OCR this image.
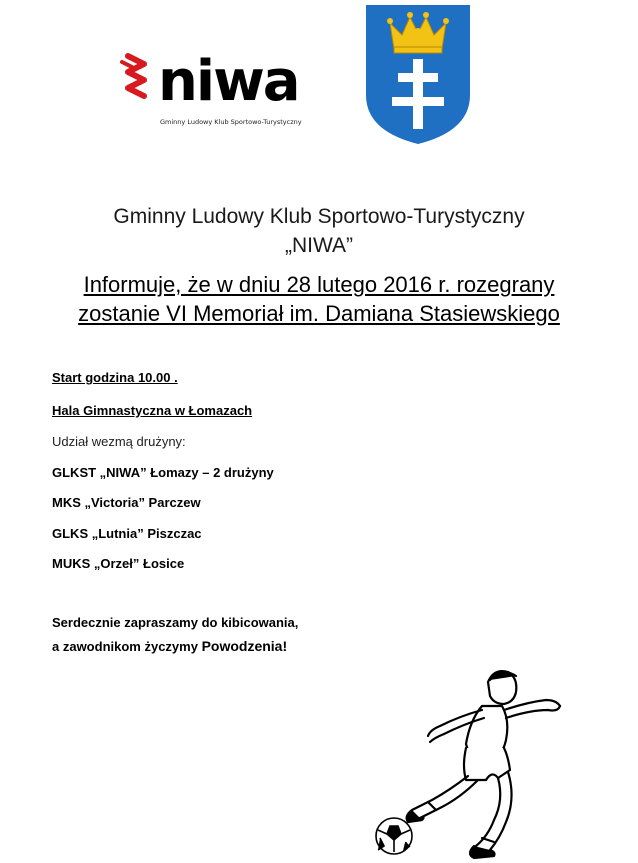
niwa
Gminny Ludowy Klub Sportowo-Turystyczny
Gminny Ludowy Klub Sportowo-Turystyczny
„NIWA”
Informuje, że w dniu 28 lutego 2016 r. rozegrany
zostanie VI Memoriał im. Damiana Stasiewskiego
Start godzina 10.00 .
Hala Gimnastyczna w Łomazach
Udział wezmą drużyny:
GLKST „NIWA” Łomazy – 2 drużyny
MKS „Victoria” Parczew
GLKS „Lutnia” Piszczac
MUKS „Orzeł” Łosice
Serdecznie zapraszamy do kibicowania,
a zawodnikom życzymy Powodzenia!
